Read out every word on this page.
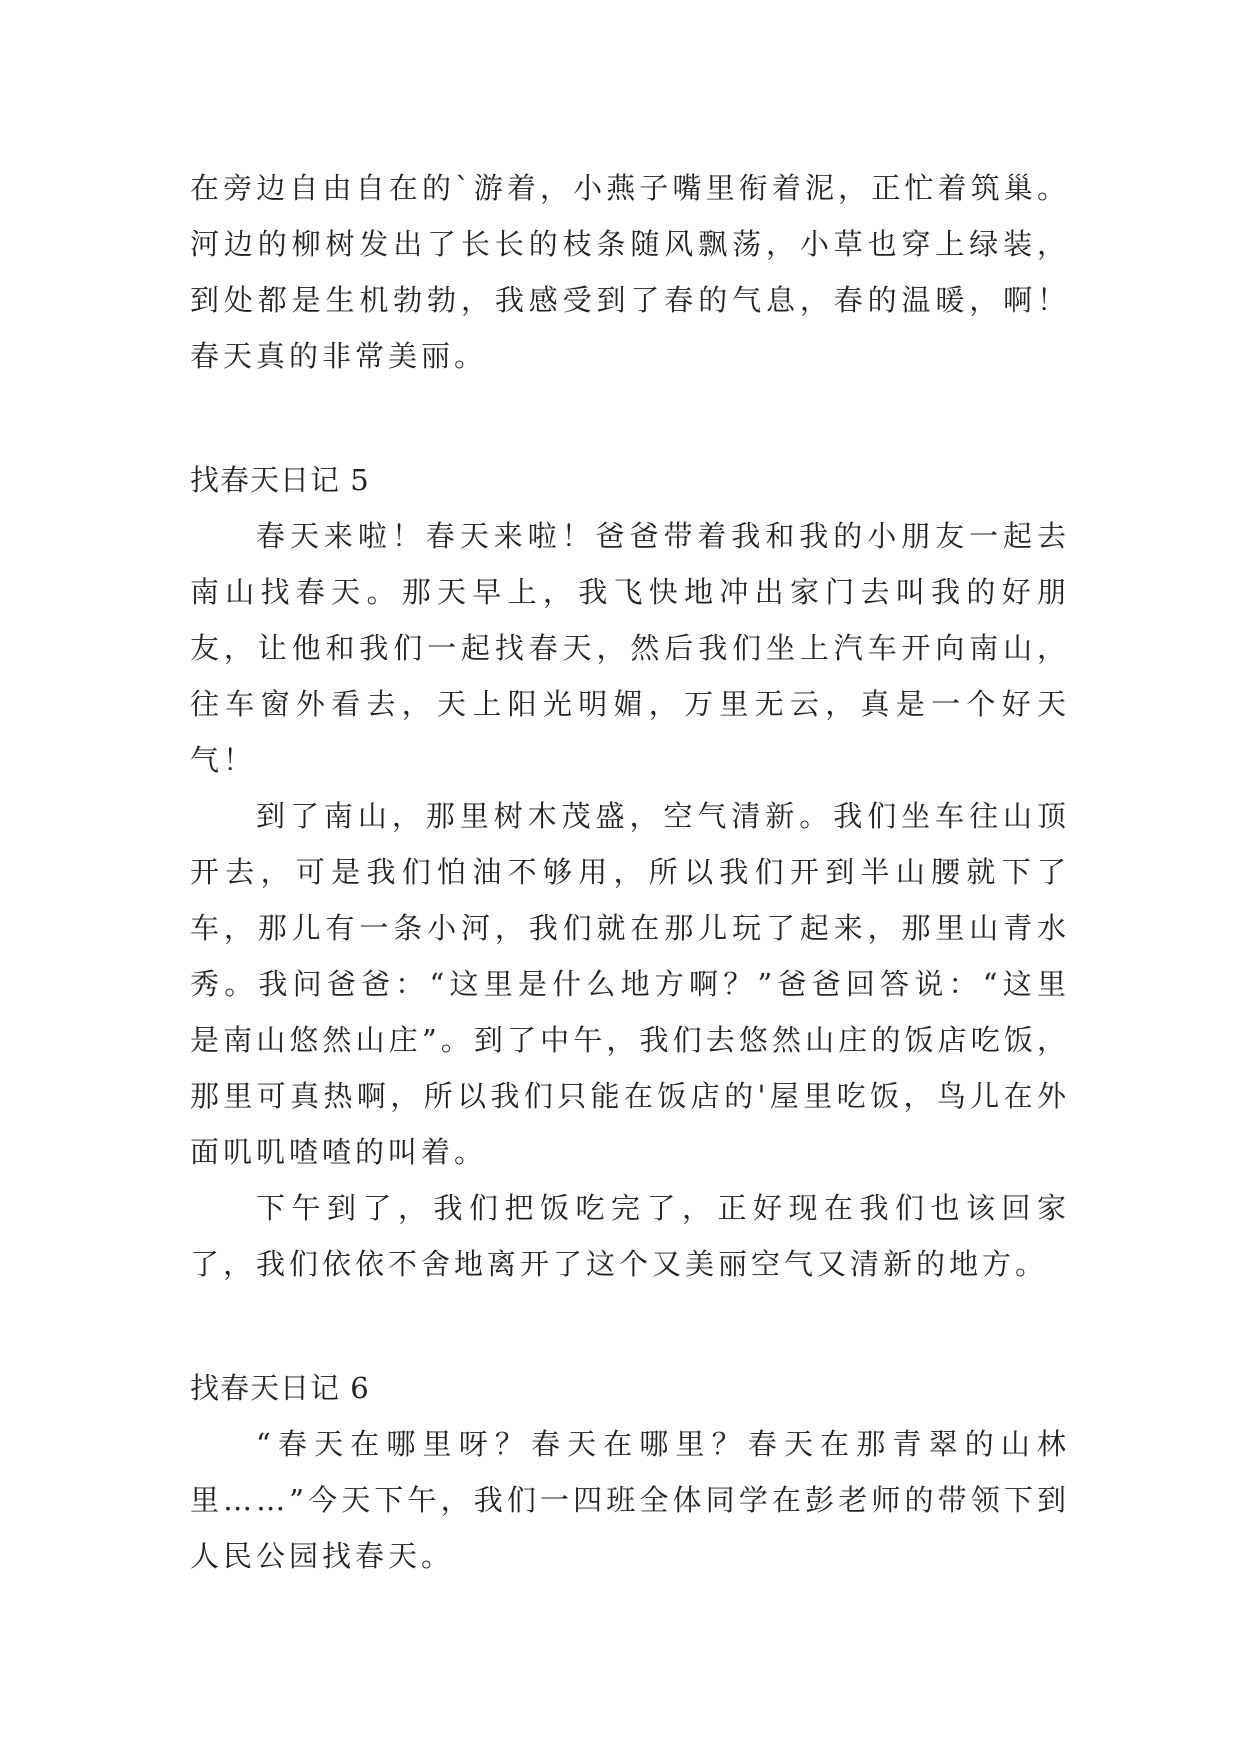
在旁边自由自在的`游着，小燕子嘴里衔着泥，正忙着筑巢。河边的柳树发出了长长的枝条随风飘荡，小草也穿上绿装，到处都是生机勃勃，我感受到了春的气息，春的温暖，啊！春天真的非常美丽。

找春天日记 5

春天来啦！春天来啦！爸爸带着我和我的小朋友一起去南山找春天。那天早上，我飞快地冲出家门去叫我的好朋友，让他和我们一起找春天，然后我们坐上汽车开向南山，往车窗外看去，天上阳光明媚，万里无云，真是一个好天气！

到了南山，那里树木茂盛，空气清新。我们坐车往山顶开去，可是我们怕油不够用，所以我们开到半山腰就下了车，那儿有一条小河，我们就在那儿玩了起来，那里山青水秀。我问爸爸：“这里是什么地方啊？”爸爸回答说：“这里是南山悠然山庄”。到了中午，我们去悠然山庄的饭店吃饭，那里可真热啊，所以我们只能在饭店的'屋里吃饭，鸟儿在外面叽叽喳喳的叫着。

下午到了，我们把饭吃完了，正好现在我们也该回家了，我们依依不舍地离开了这个又美丽空气又清新的地方。

找春天日记 6

“春天在哪里呀？春天在哪里？春天在那青翠的山林里……”今天下午，我们一四班全体同学在彭老师的带领下到人民公园找春天。
